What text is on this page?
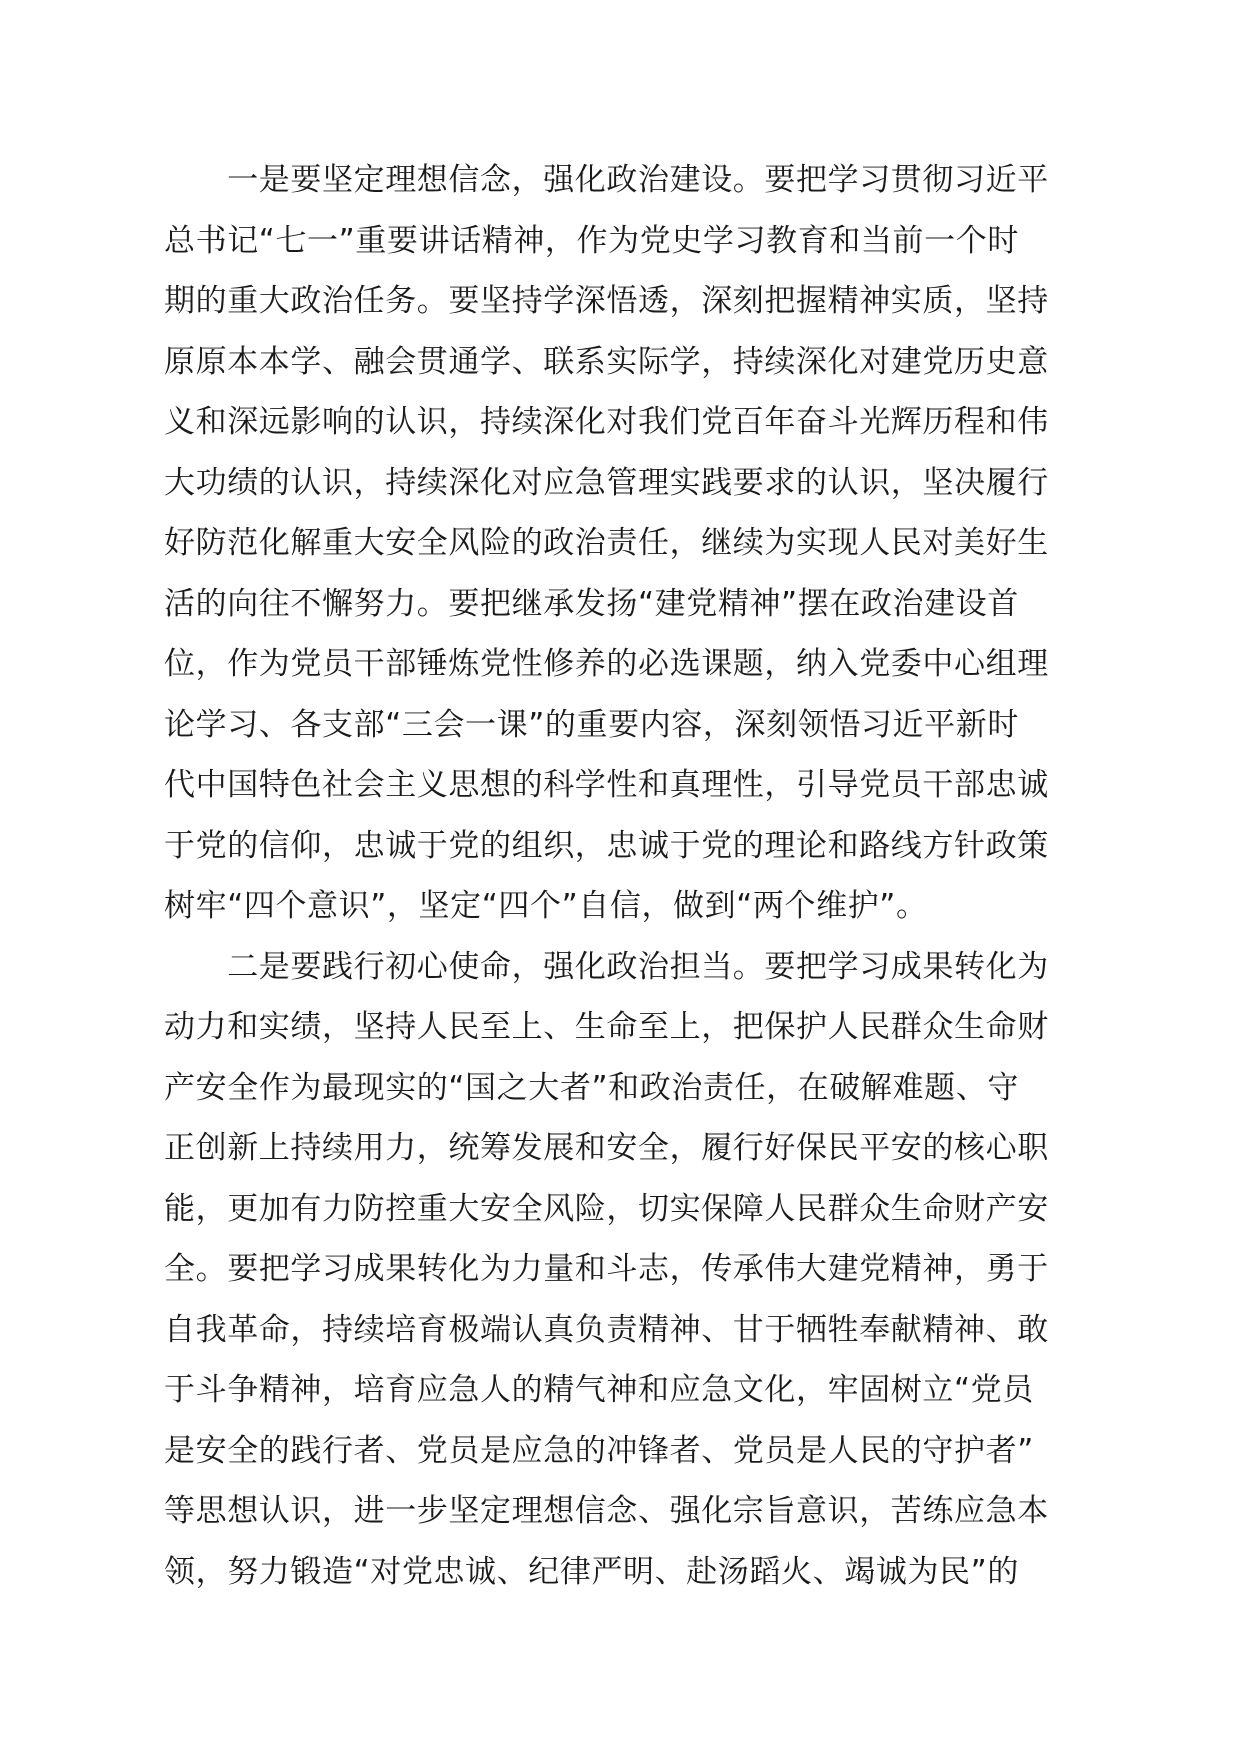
　　一是要坚定理想信念，强化政治建设。要把学习贯彻习近平
总书记“七一”重要讲话精神，作为党史学习教育和当前一个时
期的重大政治任务。要坚持学深悟透，深刻把握精神实质，坚持
原原本本学、融会贯通学、联系实际学，持续深化对建党历史意
义和深远影响的认识，持续深化对我们党百年奋斗光辉历程和伟
大功绩的认识，持续深化对应急管理实践要求的认识，坚决履行
好防范化解重大安全风险的政治责任，继续为实现人民对美好生
活的向往不懈努力。要把继承发扬“建党精神”摆在政治建设首
位，作为党员干部锤炼党性修养的必选课题，纳入党委中心组理
论学习、各支部“三会一课”的重要内容，深刻领悟习近平新时
代中国特色社会主义思想的科学性和真理性，引导党员干部忠诚
于党的信仰，忠诚于党的组织，忠诚于党的理论和路线方针政策
树牢“四个意识”，坚定“四个”自信，做到“两个维护”。
　　二是要践行初心使命，强化政治担当。要把学习成果转化为
动力和实绩，坚持人民至上、生命至上，把保护人民群众生命财
产安全作为最现实的“国之大者”和政治责任，在破解难题、守
正创新上持续用力，统筹发展和安全，履行好保民平安的核心职
能，更加有力防控重大安全风险，切实保障人民群众生命财产安
全。要把学习成果转化为力量和斗志，传承伟大建党精神，勇于
自我革命，持续培育极端认真负责精神、甘于牺牲奉献精神、敢
于斗争精神，培育应急人的精气神和应急文化，牢固树立“党员
是安全的践行者、党员是应急的冲锋者、党员是人民的守护者”
等思想认识，进一步坚定理想信念、强化宗旨意识，苦练应急本
领，努力锻造“对党忠诚、纪律严明、赴汤蹈火、竭诚为民”的
